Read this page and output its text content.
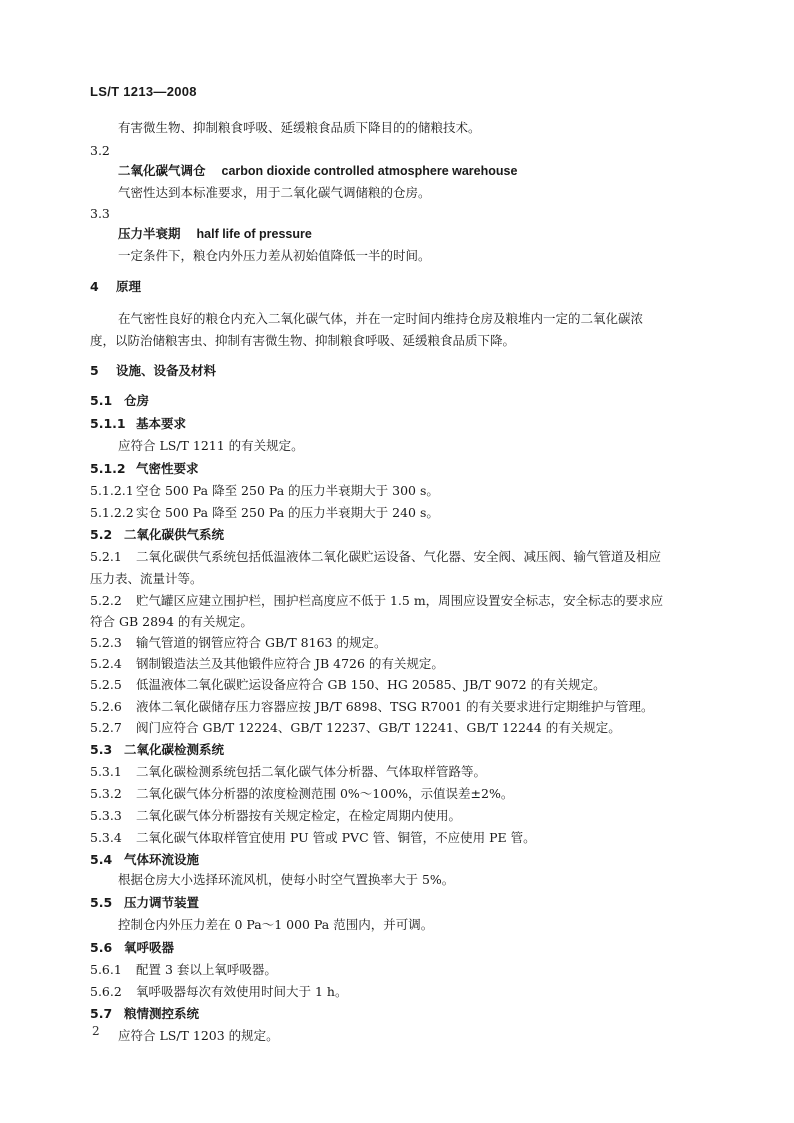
LS/T 1213—2008
有害微生物、抑制粮食呼吸、延缓粮食品质下降目的的储粮技术。
3.2
二氧化碳气调仓 carbon dioxide controlled atmosphere warehouse
气密性达到本标准要求，用于二氧化碳气调储粮的仓房。
3.3
压力半衰期 half life of pressure
一定条件下，粮仓内外压力差从初始值降低一半的时间。
4 原理
在气密性良好的粮仓内充入二氧化碳气体，并在一定时间内维持仓房及粮堆内一定的二氧化碳浓
度，以防治储粮害虫、抑制有害微生物、抑制粮食呼吸、延缓粮食品质下降。
5 设施、设备及材料
5.1 仓房
5.1.1 基本要求
应符合 LS/T 1211 的有关规定。
5.1.2 气密性要求
5.1.2.1 空仓 500 Pa 降至 250 Pa 的压力半衰期大于 300 s。
5.1.2.2 实仓 500 Pa 降至 250 Pa 的压力半衰期大于 240 s。
5.2 二氧化碳供气系统
5.2.1 二氧化碳供气系统包括低温液体二氧化碳贮运设备、气化器、安全阀、减压阀、输气管道及相应
压力表、流量计等。
5.2.2 贮气罐区应建立围护栏，围护栏高度应不低于 1.5 m，周围应设置安全标志，安全标志的要求应
符合 GB 2894 的有关规定。
5.2.3 输气管道的钢管应符合 GB/T 8163 的规定。
5.2.4 钢制锻造法兰及其他锻件应符合 JB 4726 的有关规定。
5.2.5 低温液体二氧化碳贮运设备应符合 GB 150、HG 20585、JB/T 9072 的有关规定。
5.2.6 液体二氧化碳储存压力容器应按 JB/T 6898、TSG R7001 的有关要求进行定期维护与管理。
5.2.7 阀门应符合 GB/T 12224、GB/T 12237、GB/T 12241、GB/T 12244 的有关规定。
5.3 二氧化碳检测系统
5.3.1 二氧化碳检测系统包括二氧化碳气体分析器、气体取样管路等。
5.3.2 二氧化碳气体分析器的浓度检测范围 0%～100%，示值误差±2%。
5.3.3 二氧化碳气体分析器按有关规定检定，在检定周期内使用。
5.3.4 二氧化碳气体取样管宜使用 PU 管或 PVC 管、铜管，不应使用 PE 管。
5.4 气体环流设施
根据仓房大小选择环流风机，使每小时空气置换率大于 5%。
5.5 压力调节装置
控制仓内外压力差在 0 Pa～1 000 Pa 范围内，并可调。
5.6 氧呼吸器
5.6.1 配置 3 套以上氧呼吸器。
5.6.2 氧呼吸器每次有效使用时间大于 1 h。
5.7 粮情测控系统
应符合 LS/T 1203 的规定。
2
